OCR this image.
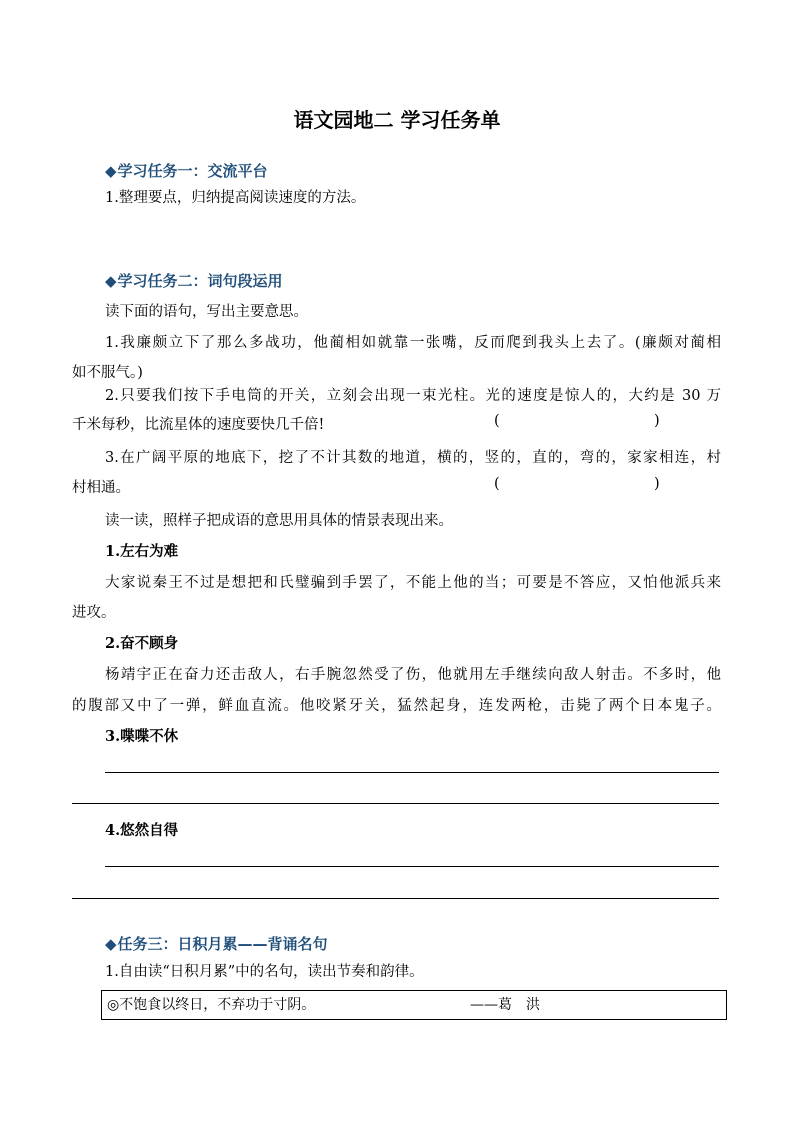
语文园地二 学习任务单
◆学习任务一：交流平台
1.整理要点，归纳提高阅读速度的方法。
◆学习任务二：词句段运用
读下面的语句，写出主要意思。
1.我廉颇立下了那么多战功，他蔺相如就靠一张嘴，反而爬到我头上去了。(廉颇对蔺相
如不服气。)
2.只要我们按下手电筒的开关，立刻会出现一束光柱。光的速度是惊人的，大约是 30 万
千米每秒，比流星体的速度要快几千倍!	(	)
3.在广阔平原的地底下，挖了不计其数的地道，横的，竖的，直的，弯的，家家相连，村
村相通。	(	)
读一读，照样子把成语的意思用具体的情景表现出来。
1.左右为难
大家说秦王不过是想把和氏璧骗到手罢了，不能上他的当；可要是不答应，又怕他派兵来
进攻。
2.奋不顾身
杨靖宇正在奋力还击敌人，右手腕忽然受了伤，他就用左手继续向敌人射击。不多时，他
的腹部又中了一弹，鲜血直流。他咬紧牙关，猛然起身，连发两枪，击毙了两个日本鬼子。
3.喋喋不休
4.悠然自得
◆任务三：日积月累——背诵名句
1.自由读“日积月累”中的名句，读出节奏和韵律。
◎不饱食以终日，不弃功于寸阴。	——葛　洪
